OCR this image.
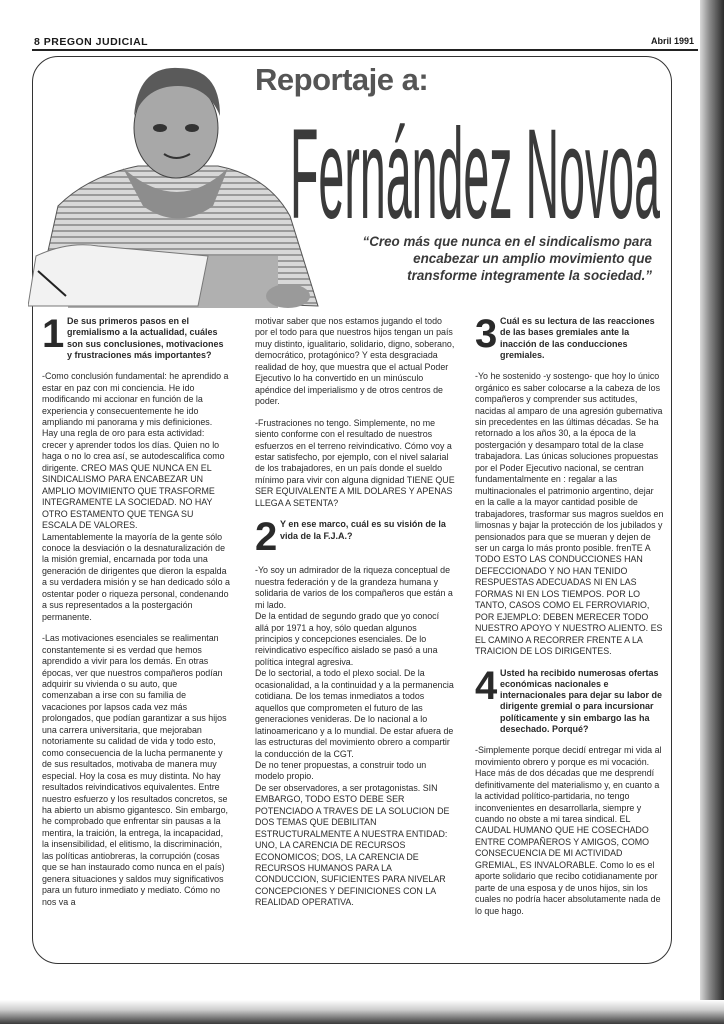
8 PREGON JUDICIAL	Abril 1991
Reportaje a:
Fernández Novoa
“Creo más que nunca en el sindicalismo para encabezar un amplio movimiento que transforme integramente la sociedad.”
1 De sus primeros pasos en el gremialismo a la actualidad, cuáles son sus conclusiones, motivaciones y frustraciones más importantes?

-Como conclusión fundamental: he aprendido a estar en paz con mi conciencia. He ido modificando mi accionar en función de la experiencia y consecuentemente he ido ampliando mi panorama y mis definiciones.
Hay una regla de oro para esta actividad: crecer y aprender todos los días. Quien no lo haga o no lo crea así, se autodescalifica como dirigente. CREO MAS QUE NUNCA EN EL SINDICALISMO PARA ENCABEZAR UN AMPLIO MOVIMIENTO QUE TRASFORME INTEGRAMENTE LA SOCIEDAD. NO HAY OTRO ESTAMENTO QUE TENGA SU ESCALA DE VALORES.
Lamentablemente la mayoría de la gente sólo conoce la desviación o la desnaturalización de la misión gremial, encarnada por toda una generación de dirigentes que dieron la espalda a su verdadera misión y se han dedicado sólo a ostentar poder o riqueza personal, condenando a sus representados a la postergación permanente.

-Las motivaciones esenciales se realimentan constantemente si es verdad que hemos aprendido a vivir para los demás. En otras épocas, ver que nuestros compañeros podían adquirir su vivienda o su auto, que comenzaban a irse con su familia de vacaciones por lapsos cada vez más prolongados, que podían garantizar a sus hijos una carrera universitaria, que mejoraban notoriamente su calidad de vida y todo esto, como consecuencia de la lucha permanente y de sus resultados, motivaba de manera muy especial. Hoy la cosa es muy distinta. No hay resultados reivindicativos equivalentes. Entre nuestro esfuerzo y los resultados concretos, se ha abierto un abismo gigantesco. Sin embargo, he comprobado que enfrentar sin pausas a la mentira, la traición, la entrega, la incapacidad, la insensibilidad, el elitismo, la discriminación, las políticas antiobreras, la corrupción (cosas que se han instaurado como nunca en el país) genera situaciones y saldos muy significativos para un futuro inmediato y mediato. Cómo no nos va a

motivar saber que nos estamos jugando el todo por el todo para que nuestros hijos tengan un país muy distinto, igualitario, solidario, digno, soberano, democrático, protagónico? Y esta desgraciada realidad de hoy, que muestra que el actual Poder Ejecutivo lo ha convertido en un minúsculo apéndice del imperialismo y de otros centros de poder.

-Frustraciones no tengo. Simplemente, no me siento conforme con el resultado de nuestros esfuerzos en el terreno reivindicativo. Cómo voy a estar satisfecho, por ejemplo, con el nivel salarial de los trabajadores, en un país donde el sueldo mínimo para vivir con alguna dignidad TIENE QUE SER EQUIVALENTE A MIL DOLARES Y APENAS LLEGA A SETENTA?

2 Y en ese marco, cuál es su visión de la vida de la F.J.A.?

-Yo soy un admirador de la riqueza conceptual de nuestra federación y de la grandeza humana y solidaria de varios de los compañeros que están a mi lado.
De la entidad de segundo grado que yo conocí allá por 1971 a hoy, sólo quedan algunos principios y concepciones esenciales. De lo reivindicativo específico aislado se pasó a una política integral agresiva.
De lo sectorial, a todo el plexo social. De la ocasionalidad, a la continuidad y a la permanencia cotidiana. De los temas inmediatos a todos aquellos que comprometen el futuro de las generaciones venideras. De lo nacional a lo latinoamericano y a lo mundial. De estar afuera de las estructuras del movimiento obrero a compartir la conducción de la CGT.
De no tener propuestas, a construir todo un modelo propio.
De ser observadores, a ser protagonistas. SIN EMBARGO, TODO ESTO DEBE SER POTENCIADO A TRAVES DE LA SOLUCION DE DOS TEMAS QUE DEBILITAN ESTRUCTURALMENTE A NUESTRA ENTIDAD: UNO, LA CARENCIA DE RECURSOS ECONOMICOS; DOS, LA CARENCIA DE RECURSOS HUMANOS PARA LA CONDUCCION, SUFICIENTES PARA NIVELAR CONCEPCIONES Y DEFINICIONES CON LA REALIDAD OPERATIVA.

3 Cuál es su lectura de las reacciones de las bases gremiales ante la inacción de las conducciones gremiales.

-Yo he sostenido -y sostengo- que hoy lo único orgánico es saber colocarse a la cabeza de los compañeros y comprender sus actitudes, nacidas al amparo de una agresión gubernativa sin precedentes en las últimas décadas. Se ha retornado a los años 30, a la época de la postergación y desamparo total de la clase trabajadora. Las únicas soluciones propuestas por el Poder Ejecutivo nacional, se centran fundamentalmente en : regalar a las multinacionales el patrimonio argentino, dejar en la calle a la mayor cantidad posible de trabajadores, trasformar sus magros sueldos en limosnas y bajar la protección de los jubilados y pensionados para que se mueran y dejen de ser un carga lo más pronto posible. frenTE A TODO ESTO LAS CONDUCCIONES HAN DEFECCIONADO Y NO HAN TENIDO RESPUESTAS ADECUADAS NI EN LAS FORMAS NI EN LOS TIEMPOS. POR LO TANTO, CASOS COMO EL FERROVIARIO, POR EJEMPLO: DEBEN MERECER TODO NUESTRO APOYO Y NUESTRO ALIENTO. ES EL CAMINO A RECORRER FRENTE A LA TRAICION DE LOS DIRIGENTES.

4 Usted ha recibido numerosas ofertas económicas nacionales e internacionales para dejar su labor de dirigente gremial o para incursionar políticamente y sin embargo las ha desechado. Porqué?

-Simplemente porque decidí entregar mi vida al movimiento obrero y porque es mi vocación. Hace más de dos décadas que me desprendí definitivamente del materialismo y, en cuanto a la actividad político-partidaria, no tengo inconvenientes en desarrollarla, siempre y cuando no obste a mi tarea sindical. EL CAUDAL HUMANO QUE HE COSECHADO ENTRE COMPAÑEROS Y AMIGOS, COMO CONSECUENCIA DE MI ACTIVIDAD GREMIAL, ES INVALORABLE. Como lo es el aporte solidario que recibo cotidianamente por parte de una esposa y de unos hijos, sin los cuales no podría hacer absolutamente nada de lo que hago.
